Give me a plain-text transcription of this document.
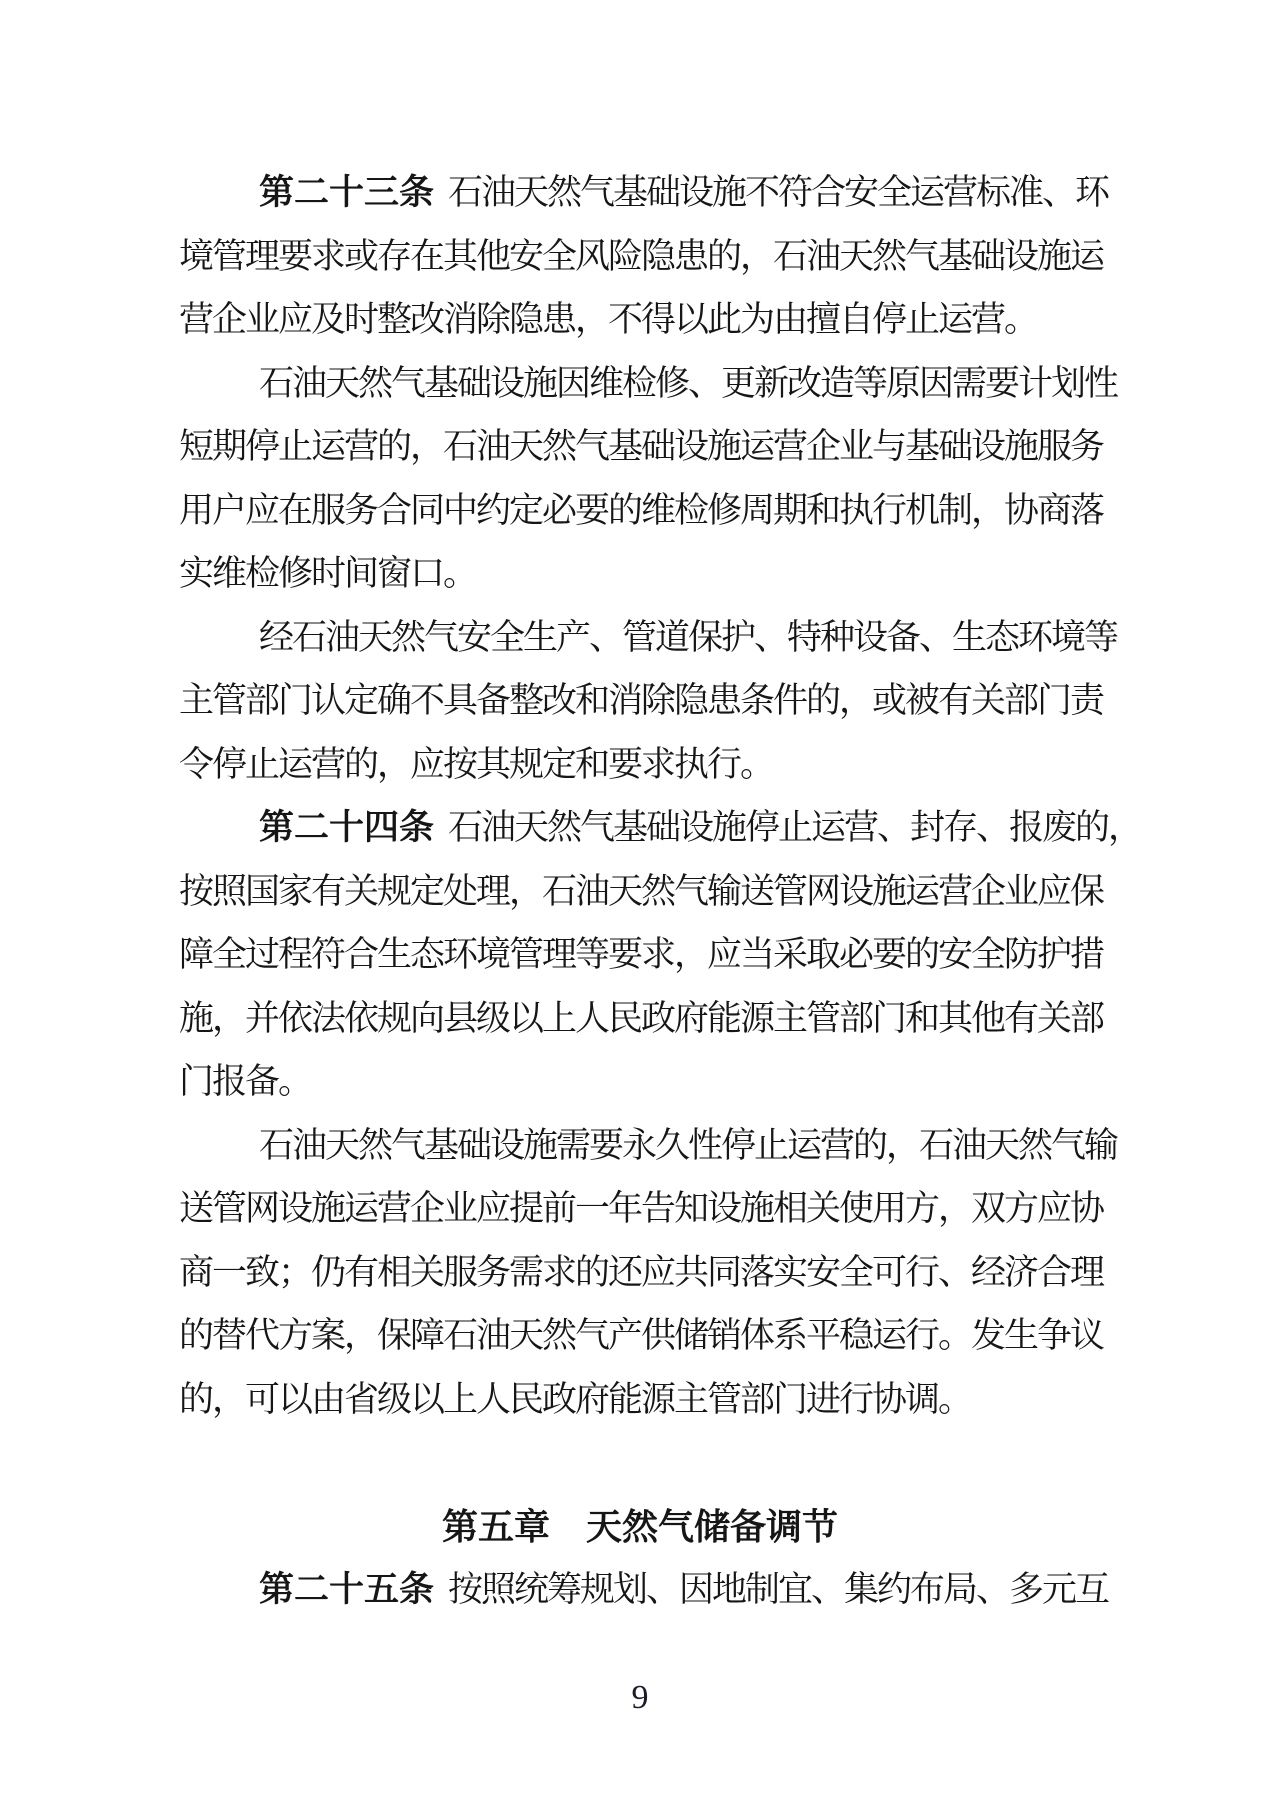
第二十三条 石油天然气基础设施不符合安全运营标准、环

境管理要求或存在其他安全风险隐患的，石油天然气基础设施运

营企业应及时整改消除隐患，不得以此为由擅自停止运营。

石油天然气基础设施因维检修、更新改造等原因需要计划性

短期停止运营的，石油天然气基础设施运营企业与基础设施服务

用户应在服务合同中约定必要的维检修周期和执行机制，协商落

实维检修时间窗口。

经石油天然气安全生产、管道保护、特种设备、生态环境等

主管部门认定确不具备整改和消除隐患条件的，或被有关部门责

令停止运营的，应按其规定和要求执行。

第二十四条 石油天然气基础设施停止运营、封存、报废的，

按照国家有关规定处理，石油天然气输送管网设施运营企业应保

障全过程符合生态环境管理等要求，应当采取必要的安全防护措

施，并依法依规向县级以上人民政府能源主管部门和其他有关部

门报备。

石油天然气基础设施需要永久性停止运营的，石油天然气输

送管网设施运营企业应提前一年告知设施相关使用方，双方应协

商一致；仍有相关服务需求的还应共同落实安全可行、经济合理

的替代方案，保障石油天然气产供储销体系平稳运行。发生争议

的，可以由省级以上人民政府能源主管部门进行协调。

第五章 天然气储备调节

第二十五条 按照统筹规划、因地制宜、集约布局、多元互

9
